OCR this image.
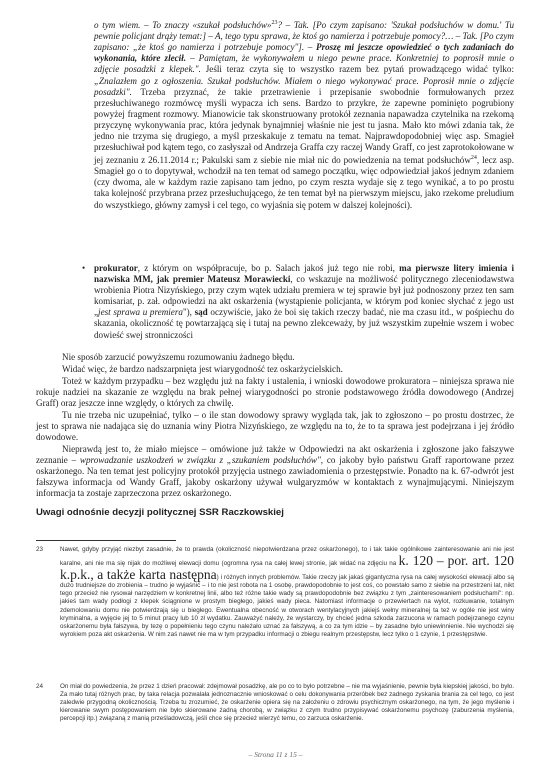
o tym wiem. – To znaczy «szukał podsłuchów»$^{23}$? – Tak. [Po czym zapisano: 'Szukał podsłuchów w domu.' Tu pewnie policjant drąży temat:] – A, tego typu sprawa, że ktoś go namierza i potrzebuje pomocy?… – Tak. [Po czym zapisano: „że ktoś go namierza i potrzebuje pomocy"]. – Proszę mi jeszcze opowiedzieć o tych zadaniach do wykonania, które zlecił. – Pamiętam, że wykonywałem u niego pewne prace. Konkretniej to poprosił mnie o zdjęcie posadzki z klepek.". Jeśli teraz czyta się to wszystko razem bez pytań prowadzącego widać tylko: „Znalazłem go z ogłoszenia. Szukał podsłuchów. Miałem o niego wykonywać prace. Poprosił mnie o zdjęcie posadzki". Trzeba przyznać, że takie przetrawienie i przepisanie swobodnie formułowanych przez przesłuchiwanego rozmówcę myśli wypacza ich sens. Bardzo to przykre, że zapewne pominięto pogrubiony powyżej fragment rozmowy. Mianowicie tak skonstruowany protokół zeznania napawadza czytelnika na rzekomą przyczynę wykonywania prac, która jedynak bynajmniej właśnie nie jest tu jasna. Mało kto mówi zdania tak, że jedno nie trzyma się drugiego, a myśl przeskakuje z tematu na temat. Najprawdopodobniej więc asp. Smagieł przesłuchiwał pod kątem tego, co zasłyszał od Andrzeja Graffa czy raczej Wandy Graff, co jest zaprotokołowane w jej zeznaniu z 26.11.2014 r.; Pakulski sam z siebie nie miał nic do powiedzenia na temat podsłuchów$^{24}$, lecz asp. Smagieł go o to dopytywał, wchodził na ten temat od samego początku, więc odpowiedział jakoś jednym zdaniem (czy dwoma, ale w każdym razie zapisano tam jedno, po czym reszta wydaje się z tego wynikać, a to po prostu taka kolejność przybrana przez przesłuchującego, że ten temat był na pierwszym miejscu, jako rzekome preludium do wszystkiego, główny zamysł i cel tego, co wyjaśnia się potem w dalszej kolejności).

• prokurator, z którym on współpracuje, bo p. Salach jakoś już tego nie robi, ma pierwsze litery imienia i nazwiska MM, jak premier Mateusz Morawiecki, co wskazuje na możliwość politycznego zleceniodawstwa wrobienia Piotra Nizyńskiego, przy czym wątek udziału premiera w tej sprawie był już podnoszony przez ten sam komisariat, p. zał. odpowiedzi na akt oskarżenia (wystąpienie policjanta, w którym pod koniec słychać z jego ust „jest sprawa u premiera"), sąd oczywiście, jako że boi się takich rzeczy badać, nie ma czasu itd., w pośpiechu do skazania, okoliczność tę powtarzającą się i tutaj na pewno zlekceważy, by już wszystkim zupełnie wszem i wobec dowieść swej stronniczości

Nie sposób zarzucić powyższemu rozumowaniu żadnego błędu.

Widać więc, że bardzo nadszarpnięta jest wiarygodność tez oskarżycielskich.

Toteż w każdym przypadku – bez względu już na fakty i ustalenia, i wnioski dowodowe prokuratora – niniejsza sprawa nie rokuje nadziei na skazanie ze względu na brak pełnej wiarygodności po stronie podstawowego źródła dowodowego (Andrzej Graff) oraz jeszcze inne względy, o których za chwilę.

Tu nie trzeba nic uzupełniać, tylko – o ile stan dowodowy sprawy wygląda tak, jak to zgłoszono – po prostu dostrzec, że jest to sprawa nie nadająca się do uznania winy Piotra Nizyńskiego, ze względu na to, że to ta sprawa jest podejrzana i jej źródło dowodowe.

Nieprawdą jest to, że miało miejsce – omówione już także w Odpowiedzi na akt oskarżenia i zgłoszone jako fałszywe zeznanie – wprowadzanie uszkodzeń w związku z „szukaniem podsłuchów", co jakoby było państwu Graff raportowane przez oskarżonego. Na ten temat jest policyjny protokół przyjęcia ustnego zawiadomienia o przestępstwie. Ponadto na k. 67-odwrót jest fałszywa informacja od Wandy Graff, jakoby oskarżony używał wulgaryzmów w kontaktach z wynajmującymi. Niniejszym informacja ta zostaje zaprzeczona przez oskarżonego.

Uwagi odnośnie decyzji politycznej SSR Raczkowskiej
23	Nawet, gdyby przyjąć niezbyt zasadnie, że to prawda (okoliczność niepotwierdzana przez oskarżonego), to i tak takie ogólnikowe zainteresowanie ani nie jest karalne, ani nie ma się nijak do możliwej elewacji domu (ogromna rysa na całej lewej stronie, jak widać na zdjęciu na k. 120 – por. art. 120 k.p.k., a także karta następna) i różnych innych problemów. Takie rzeczy jak jakaś gigantyczna rysa na całej wysokości elewacji albo są dużo trudniejsze do zrobienia – trudno je wyjaśnić – i to nie jest robota na 1 osobę, prawdopodobnie to jest coś, co powstało samo z siebie na przestrzeni lat, nikt tego przecież nie rysował narzędziem w konkretnej linii, albo też różne takie wady są prawdopodobnie bez związku z tym „zainteresowaniem podsłuchami": np. jakieś tam wady podłogi z klepek ściągnione w prostym biegłego, jakieś wady pieca. Natomiast informacje o przewiertach na wylot, rozkuwanie, totalnym zdemolowaniu domu nie potwierdzają się u biegłego. Ewentualna obecność w otworach wentylacyjnych jakiejś wełny mineralnej ta też w ogóle nie jest winy kryminalna, a wyjęcie jej to 5 minut pracy lub 10 zł wydatku. Zauważyć należy, że wystarczy, by chcieć jedna szkoda zarzucona w ramach podejrzanego czynu oskarżonemu była fałszywa, by tezę o popełnieniu tego czynu należało uznać za fałszywą, a co za tym idzie – by zasadne było uniewinnienie. Nie wychodzi się wyrokiem poza akt oskarżenia. W nim zaś nawet nie ma w tym przypadku informacji o zbiegu realnym przestępstw, lecz tylko o 1 czynie, 1 przestępstwie.
24	On miał do powiedzenia, że przez 1 dzień pracował: zdejmował posadzkę, ale po co to było potrzebne – nie ma wyjaśnienie, pewnie była kiepskiej jakości, bo było. Za mało tutaj różnych prac, by taka relacja pozwalała jednoznacznie wnioskować o celu dokonywania przeróbek bez zadnego zyskania brania za cel tego, co jest zaledwie przygodną okolicznością. Trzeba tu zrozumieć, że oskarżenie opiera się na założeniu o zdrowiu psychicznym oskarżonego, na tym, że jego myślenie i kierowanie swym postępowaniem nie było skierowane żadną chorobą, w związku z czym trudno przypisywać oskarżonemu psychozę (zaburzenia myślenia, percepcji itp.) związaną z manią prześladowczą, jeśli chce się przecież wierzyć temu, co zarzuca oskarżenie.

– Strona 11 z 15 –
